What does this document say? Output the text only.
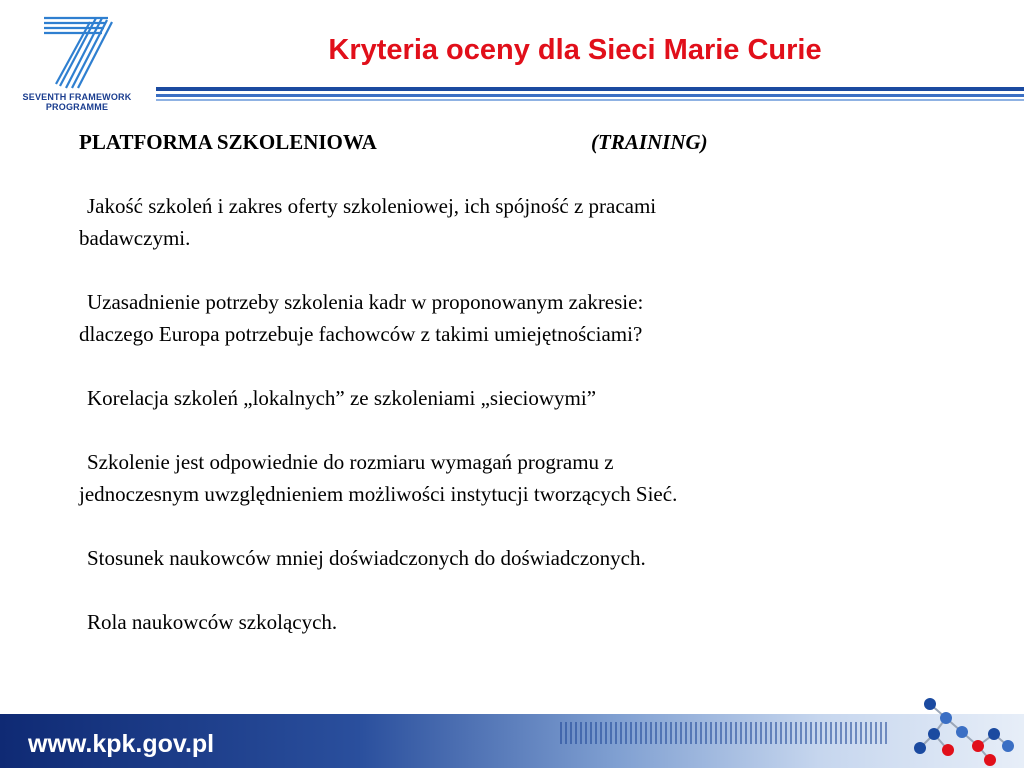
SEVENTH FRAMEWORK
PROGRAMME
Kryteria oceny dla Sieci Marie Curie
PLATFORMA SZKOLENIOWA	(TRAINING)

Jakość szkoleń i zakres oferty szkoleniowej, ich spójność z pracami

badawczymi.

Uzasadnienie potrzeby szkolenia kadr w proponowanym zakresie:

dlaczego Europa potrzebuje fachowców z takimi umiejętnościami?

Korelacja szkoleń „lokalnych” ze szkoleniami „sieciowymi”

Szkolenie jest odpowiednie do rozmiaru wymagań programu z

jednoczesnym uwzględnieniem możliwości instytucji tworzących Sieć.

Stosunek naukowców mniej doświadczonych do doświadczonych.

Rola naukowców szkolących.

www.kpk.gov.pl
